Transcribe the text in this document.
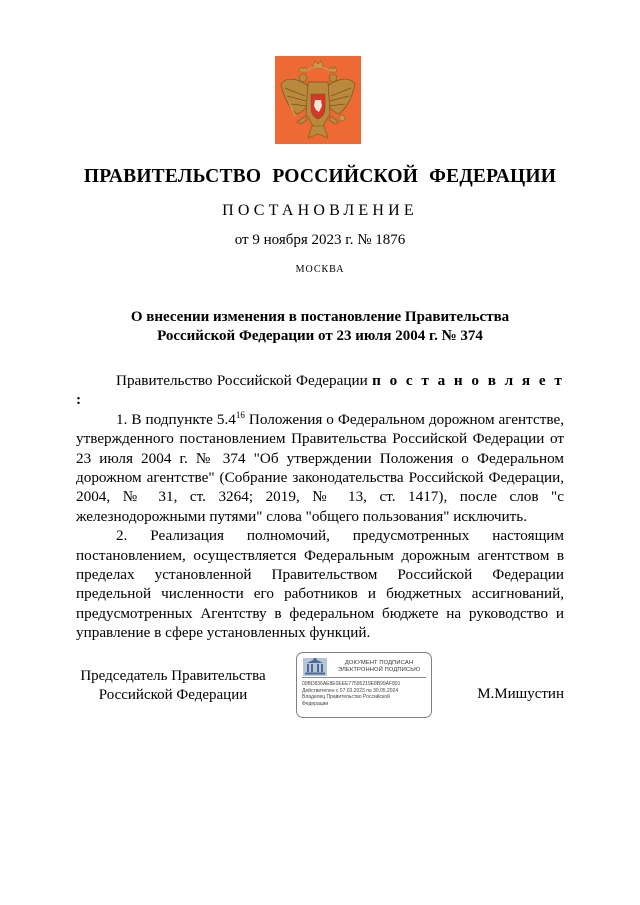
ПРАВИТЕЛЬСТВО РОССИЙСКОЙ ФЕДЕРАЦИИ
ПОСТАНОВЛЕНИЕ
от 9 ноября 2023 г. № 1876
МОСКВА
О внесении изменения в постановление Правительства
Российской Федерации от 23 июля 2004 г. № 374

Правительство Российской Федерации п о с т а н о в л я е т :

1. В подпункте $5.4^{16}$ Положения о Федеральном дорожном агентстве, утвержденного постановлением Правительства Российской Федерации от 23 июля 2004 г. № 374 "Об утверждении Положения о Федеральном дорожном агентстве" (Собрание законодательства Российской Федерации, 2004, № 31, ст. 3264; 2019, № 13, ст. 1417), после слов "с железнодорожными путями" слова "общего пользования" исключить.

2. Реализация полномочий, предусмотренных настоящим постановлением, осуществляется Федеральным дорожным агентством в пределах установленной Правительством Российской Федерации предельной численности его работников и бюджетных ассигнований, предусмотренных Агентству в федеральном бюджете на руководство и управление в сфере установленных функций.

Председатель Правительства
Российской Федерации
ДОКУМЕНТ ПОДПИСАН
ЭЛЕКТРОННОЙ ПОДПИСЬЮ
00BD836AE8E0EEE77595219E8B99AF891
Действителен с 07.03.2023 по 30.05.2024
Владелец Правительство Российской
Федерации
М.Мишустин
